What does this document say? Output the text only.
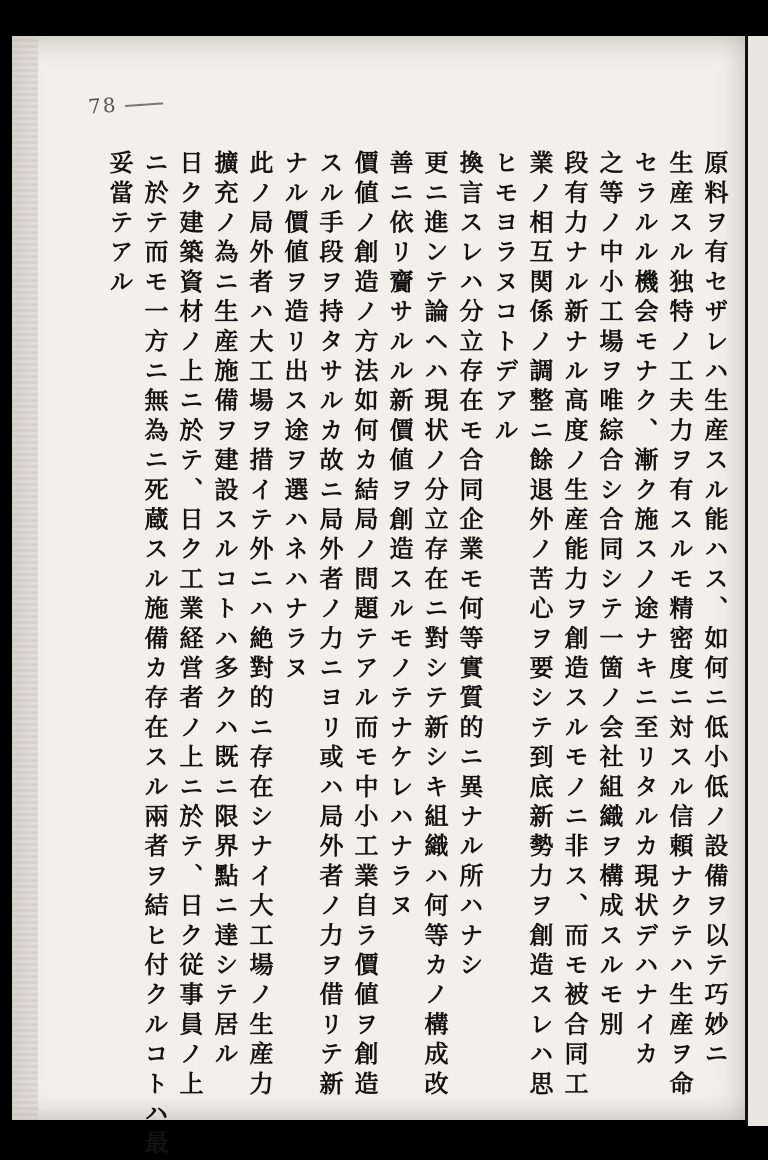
78
原料ヲ有セザレハ生産スル能ハス、如何ニ低小低ノ設備ヲ以テ巧妙ニ
生産スル独特ノ工夫力ヲ有スルモ精密度ニ対スル信頼ナクテハ生産ヲ命
セラルル機会モナク、漸ク施スノ途ナキニ至リタルカ現状デハナイカ
之等ノ中小工場ヲ唯綜合シ合同シテ一箇ノ会社組織ヲ構成スルモ別
段有力ナル新ナル高度ノ生産能力ヲ創造スルモノニ非ス、而モ被合同工
業ノ相互関係ノ調整ニ餘退外ノ苦心ヲ要シテ到底新勢力ヲ創造スレハ思
ヒモヨラヌコトデアル
換言スレハ分立存在モ合同企業モ何等實質的ニ異ナル所ハナシ
更ニ進ンテ論ヘハ現状ノ分立存在ニ對シテ新シキ組織ハ何等カノ構成改
善ニ依リ齎サルル新價値ヲ創造スルモノテナケレハナラヌ
價値ノ創造ノ方法如何カ結局ノ問題テアル而モ中小工業自ラ價値ヲ創造
スル手段ヲ持タサルカ故ニ局外者ノ力ニヨリ或ハ局外者ノ力ヲ借リテ新
ナル價値ヲ造リ出ス途ヲ選ハネハナラヌ
此ノ局外者ハ大工場ヲ措イテ外ニハ絶對的ニ存在シナイ大工場ノ生産力
擴充ノ為ニ生産施備ヲ建設スルコトハ多クハ既ニ限界點ニ達シテ居ル
日ク建築資材ノ上ニ於テ、日ク工業経営者ノ上ニ於テ、日ク従事員ノ上
ニ於テ而モ一方ニ無為ニ死蔵スル施備カ存在スル兩者ヲ結ヒ付クルコトハ最
妥當テアル
